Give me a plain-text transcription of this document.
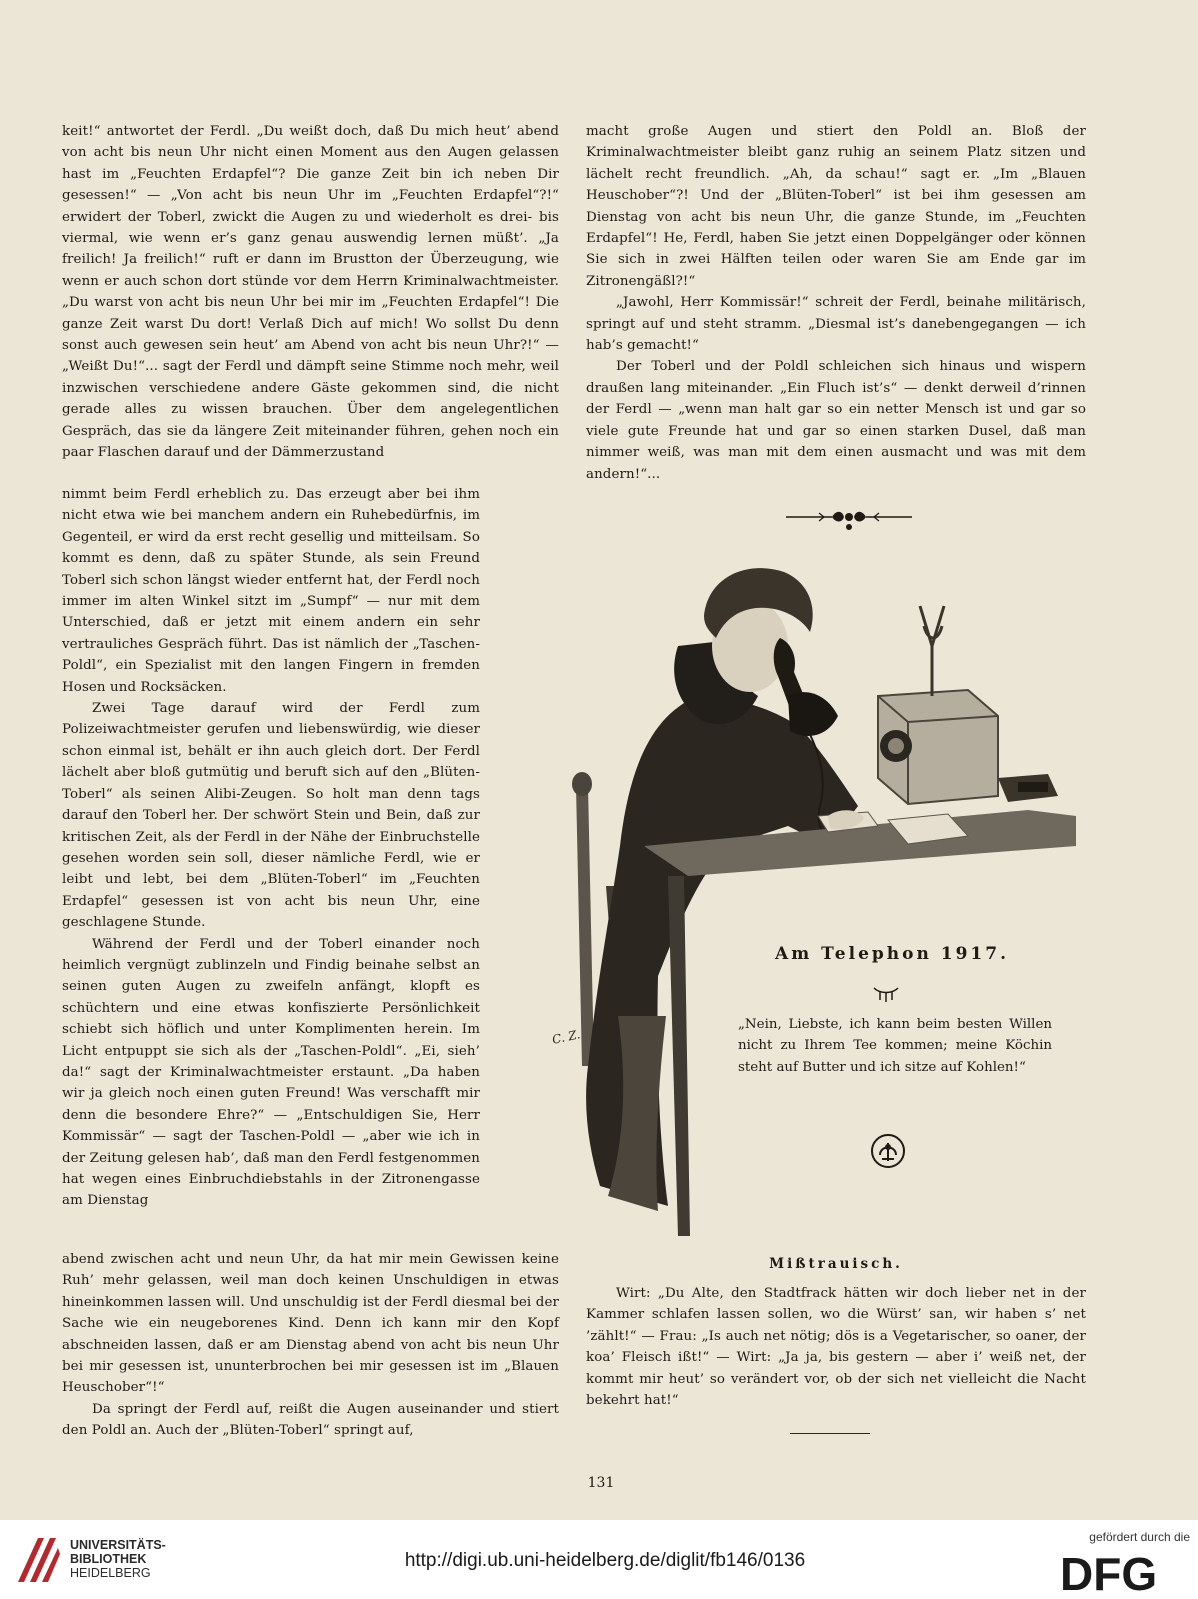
keit!“ antwortet der Ferdl. „Du weißt doch, daß Du mich heut’ abend von acht bis neun Uhr nicht einen Moment aus den Augen gelassen hast im „Feuchten Erdapfel“? Die ganze Zeit bin ich neben Dir gesessen!“ — „Von acht bis neun Uhr im „Feuchten Erdapfel“?!“ erwidert der Toberl, zwickt die Augen zu und wiederholt es drei- bis viermal, wie wenn er’s ganz genau auswendig lernen müßt’. „Ja freilich! Ja freilich!“ ruft er dann im Brustton der Überzeugung, wie wenn er auch schon dort stünde vor dem Herrn Kriminalwachtmeister. „Du warst von acht bis neun Uhr bei mir im „Feuchten Erdapfel“! Die ganze Zeit warst Du dort! Verlaß Dich auf mich! Wo sollst Du denn sonst auch gewesen sein heut’ am Abend von acht bis neun Uhr?!“ — „Weißt Du!“... sagt der Ferdl und dämpft seine Stimme noch mehr, weil inzwischen verschiedene andere Gäste gekommen sind, die nicht gerade alles zu wissen brauchen. Über dem angelegentlichen Gespräch, das sie da längere Zeit miteinander führen, gehen noch ein paar Flaschen darauf und der Dämmerzustand

nimmt beim Ferdl erheblich zu. Das erzeugt aber bei ihm nicht etwa wie bei manchem andern ein Ruhebedürfnis, im Gegenteil, er wird da erst recht gesellig und mitteilsam. So kommt es denn, daß zu später Stunde, als sein Freund Toberl sich schon längst wieder entfernt hat, der Ferdl noch immer im alten Winkel sitzt im „Sumpf“ — nur mit dem Unterschied, daß er jetzt mit einem andern ein sehr vertrauliches Gespräch führt. Das ist nämlich der „Taschen-Poldl“, ein Spezialist mit den langen Fingern in fremden Hosen und Rocksäcken.

Zwei Tage darauf wird der Ferdl zum Polizeiwachtmeister gerufen und liebenswürdig, wie dieser schon einmal ist, behält er ihn auch gleich dort. Der Ferdl lächelt aber bloß gutmütig und beruft sich auf den „Blüten-Toberl“ als seinen Alibi-Zeugen. So holt man denn tags darauf den Toberl her. Der schwört Stein und Bein, daß zur kritischen Zeit, als der Ferdl in der Nähe der Einbruchstelle gesehen worden sein soll, dieser nämliche Ferdl, wie er leibt und lebt, bei dem „Blüten-Toberl“ im „Feuchten Erdapfel“ gesessen ist von acht bis neun Uhr, eine geschlagene Stunde.

Während der Ferdl und der Toberl einander noch heimlich vergnügt zublinzeln und Findig beinahe selbst an seinen guten Augen zu zweifeln anfängt, klopft es schüchtern und eine etwas konfiszierte Persönlichkeit schiebt sich höflich und unter Komplimenten herein. Im Licht entpuppt sie sich als der „Taschen-Poldl“. „Ei, sieh’ da!“ sagt der Kriminalwachtmeister erstaunt. „Da haben wir ja gleich noch einen guten Freund! Was verschafft mir denn die besondere Ehre?“ — „Entschuldigen Sie, Herr Kommissär“ — sagt der Taschen-Poldl — „aber wie ich in der Zeitung gelesen hab’, daß man den Ferdl festgenommen hat wegen eines Einbruchdiebstahls in der Zitronengasse am Dienstag

abend zwischen acht und neun Uhr, da hat mir mein Gewissen keine Ruh’ mehr gelassen, weil man doch keinen Unschuldigen in etwas hineinkommen lassen will. Und unschuldig ist der Ferdl diesmal bei der Sache wie ein neugeborenes Kind. Denn ich kann mir den Kopf abschneiden lassen, daß er am Dienstag abend von acht bis neun Uhr bei mir gesessen ist, ununterbrochen bei mir gesessen ist im „Blauen Heuschober“!“

Da springt der Ferdl auf, reißt die Augen auseinander und stiert den Poldl an. Auch der „Blüten-Toberl“ springt auf,

macht große Augen und stiert den Poldl an. Bloß der Kriminalwachtmeister bleibt ganz ruhig an seinem Platz sitzen und lächelt recht freundlich. „Ah, da schau!“ sagt er. „Im „Blauen Heuschober“?! Und der „Blüten-Toberl“ ist bei ihm gesessen am Dienstag von acht bis neun Uhr, die ganze Stunde, im „Feuchten Erdapfel“! He, Ferdl, haben Sie jetzt einen Doppelgänger oder können Sie sich in zwei Hälften teilen oder waren Sie am Ende gar im Zitronengäßl?!“

„Jawohl, Herr Kommissär!“ schreit der Ferdl, beinahe militärisch, springt auf und steht stramm. „Diesmal ist’s danebengegangen — ich hab’s gemacht!“

Der Toberl und der Poldl schleichen sich hinaus und wispern draußen lang miteinander. „Ein Fluch ist’s“ — denkt derweil d’rinnen der Ferdl — „wenn man halt gar so ein netter Mensch ist und gar so viele gute Freunde hat und gar so einen starken Dusel, daß man nimmer weiß, was man mit dem einen ausmacht und was mit dem andern!“...

C. Z.
Am Telephon 1917.
„Nein, Liebste, ich kann beim besten Willen nicht zu Ihrem Tee kommen; meine Köchin steht auf Butter und ich sitze auf Kohlen!“
Mißtrauisch.

Wirt: „Du Alte, den Stadtfrack hätten wir doch lieber net in der Kammer schlafen lassen sollen, wo die Würst’ san, wir haben s’ net ’zählt!“ — Frau: „Is auch net nötig; dös is a Vegetarischer, so oaner, der koa’ Fleisch ißt!“ — Wirt: „Ja ja, bis gestern — aber i’ weiß net, der kommt mir heut’ so verändert vor, ob der sich net vielleicht die Nacht bekehrt hat!“

131
UNIVERSITÄTS-
BIBLIOTHEK
HEIDELBERG
http://digi.ub.uni-heidelberg.de/diglit/fb146/0136
gefördert durch die
DFG
